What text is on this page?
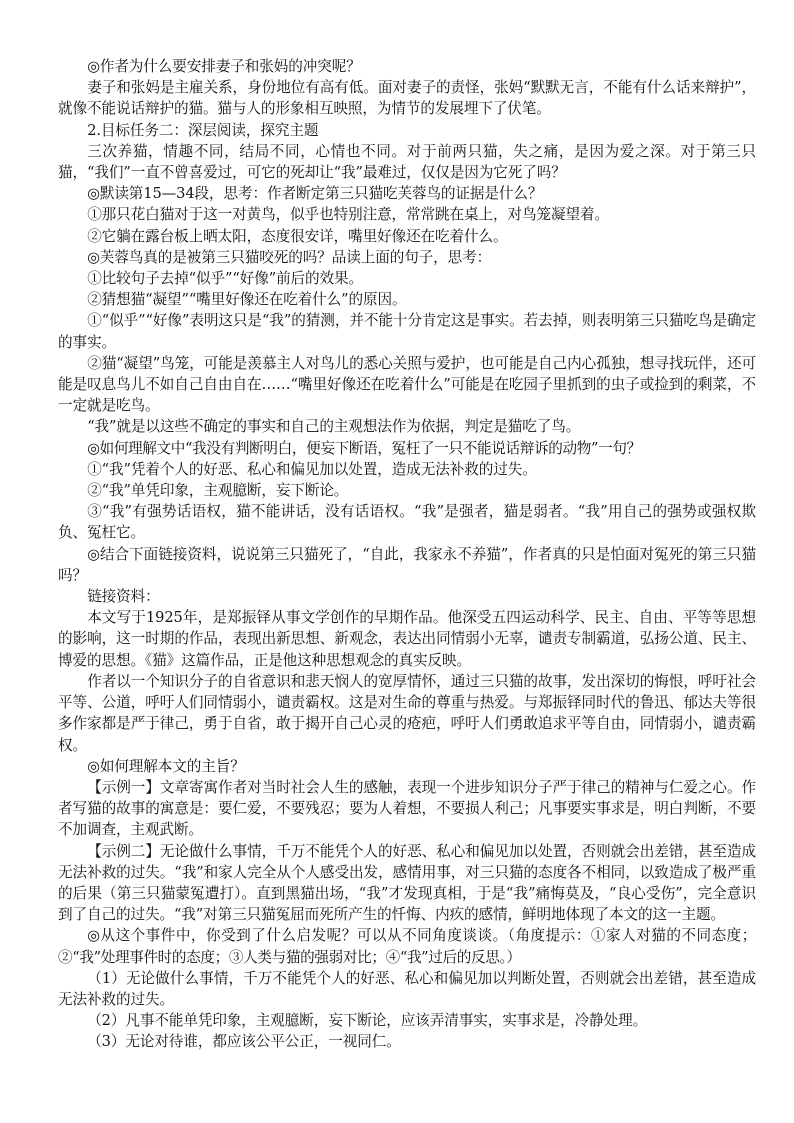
◎作者为什么要安排妻子和张妈的冲突呢？

妻子和张妈是主雇关系，身份地位有高有低。面对妻子的责怪，张妈“默默无言，不能有什么话来辩护”，就像不能说话辩护的猫。猫与人的形象相互映照，为情节的发展埋下了伏笔。

2.目标任务二：深层阅读，探究主题

三次养猫，情趣不同，结局不同，心情也不同。对于前两只猫，失之痛，是因为爱之深。对于第三只猫，“我们”一直不曾喜爱过，可它的死却让“我”最难过，仅仅是因为它死了吗？

◎默读第15—34段，思考：作者断定第三只猫吃芙蓉鸟的证据是什么？

①那只花白猫对于这一对黄鸟，似乎也特别注意，常常跳在桌上，对鸟笼凝望着。

②它躺在露台板上晒太阳，态度很安详，嘴里好像还在吃着什么。

◎芙蓉鸟真的是被第三只猫咬死的吗？品读上面的句子，思考：

①比较句子去掉“似乎”“好像”前后的效果。

②猜想猫“凝望”“嘴里好像还在吃着什么”的原因。

①“似乎”“好像”表明这只是“我”的猜测，并不能十分肯定这是事实。若去掉，则表明第三只猫吃鸟是确定的事实。

②猫“凝望”鸟笼，可能是羡慕主人对鸟儿的悉心关照与爱护，也可能是自己内心孤独，想寻找玩伴，还可能是叹息鸟儿不如自己自由自在……“嘴里好像还在吃着什么”可能是在吃园子里抓到的虫子或捡到的剩菜，不一定就是吃鸟。

“我”就是以这些不确定的事实和自己的主观想法作为依据，判定是猫吃了鸟。

◎如何理解文中“我没有判断明白，便妄下断语，冤枉了一只不能说话辩诉的动物”一句？

①“我”凭着个人的好恶、私心和偏见加以处置，造成无法补救的过失。

②“我”单凭印象，主观臆断，妄下断论。

③“我”有强势话语权，猫不能讲话，没有话语权。“我”是强者，猫是弱者。“我”用自己的强势或强权欺负、冤枉它。

◎结合下面链接资料，说说第三只猫死了，“自此，我家永不养猫”，作者真的只是怕面对冤死的第三只猫吗？

链接资料：

本文写于1925年，是郑振铎从事文学创作的早期作品。他深受五四运动科学、民主、自由、平等等思想的影响，这一时期的作品，表现出新思想、新观念，表达出同情弱小无辜，谴责专制霸道，弘扬公道、民主、博爱的思想。《猫》这篇作品，正是他这种思想观念的真实反映。

作者以一个知识分子的自省意识和悲天悯人的宽厚情怀，通过三只猫的故事，发出深切的悔恨，呼吁社会平等、公道，呼吁人们同情弱小，谴责霸权。这是对生命的尊重与热爱。与郑振铎同时代的鲁迅、郁达夫等很多作家都是严于律己，勇于自省，敢于揭开自己心灵的疮疤，呼吁人们勇敢追求平等自由，同情弱小，谴责霸权。

◎如何理解本文的主旨？

【示例一】文章寄寓作者对当时社会人生的感触，表现一个进步知识分子严于律己的精神与仁爱之心。作者写猫的故事的寓意是：要仁爱，不要残忍；要为人着想，不要损人利己；凡事要实事求是，明白判断，不要不加调查，主观武断。

【示例二】无论做什么事情，千万不能凭个人的好恶、私心和偏见加以处置，否则就会出差错，甚至造成无法补救的过失。“我”和家人完全从个人感受出发，感情用事，对三只猫的态度各不相同，以致造成了极严重的后果（第三只猫蒙冤遭打）。直到黑猫出场，“我”才发现真相，于是“我”痛悔莫及，“良心受伤”，完全意识到了自己的过失。“我”对第三只猫冤屈而死所产生的忏悔、内疚的感情，鲜明地体现了本文的这一主题。

◎从这个事件中，你受到了什么启发呢？可以从不同角度谈谈。（角度提示：①家人对猫的不同态度；②“我”处理事件时的态度；③人类与猫的强弱对比；④“我”过后的反思。）

（1）无论做什么事情，千万不能凭个人的好恶、私心和偏见加以判断处置，否则就会出差错，甚至造成无法补救的过失。

（2）凡事不能单凭印象，主观臆断，妄下断论，应该弄清事实，实事求是，冷静处理。

（3）无论对待谁，都应该公平公正，一视同仁。
